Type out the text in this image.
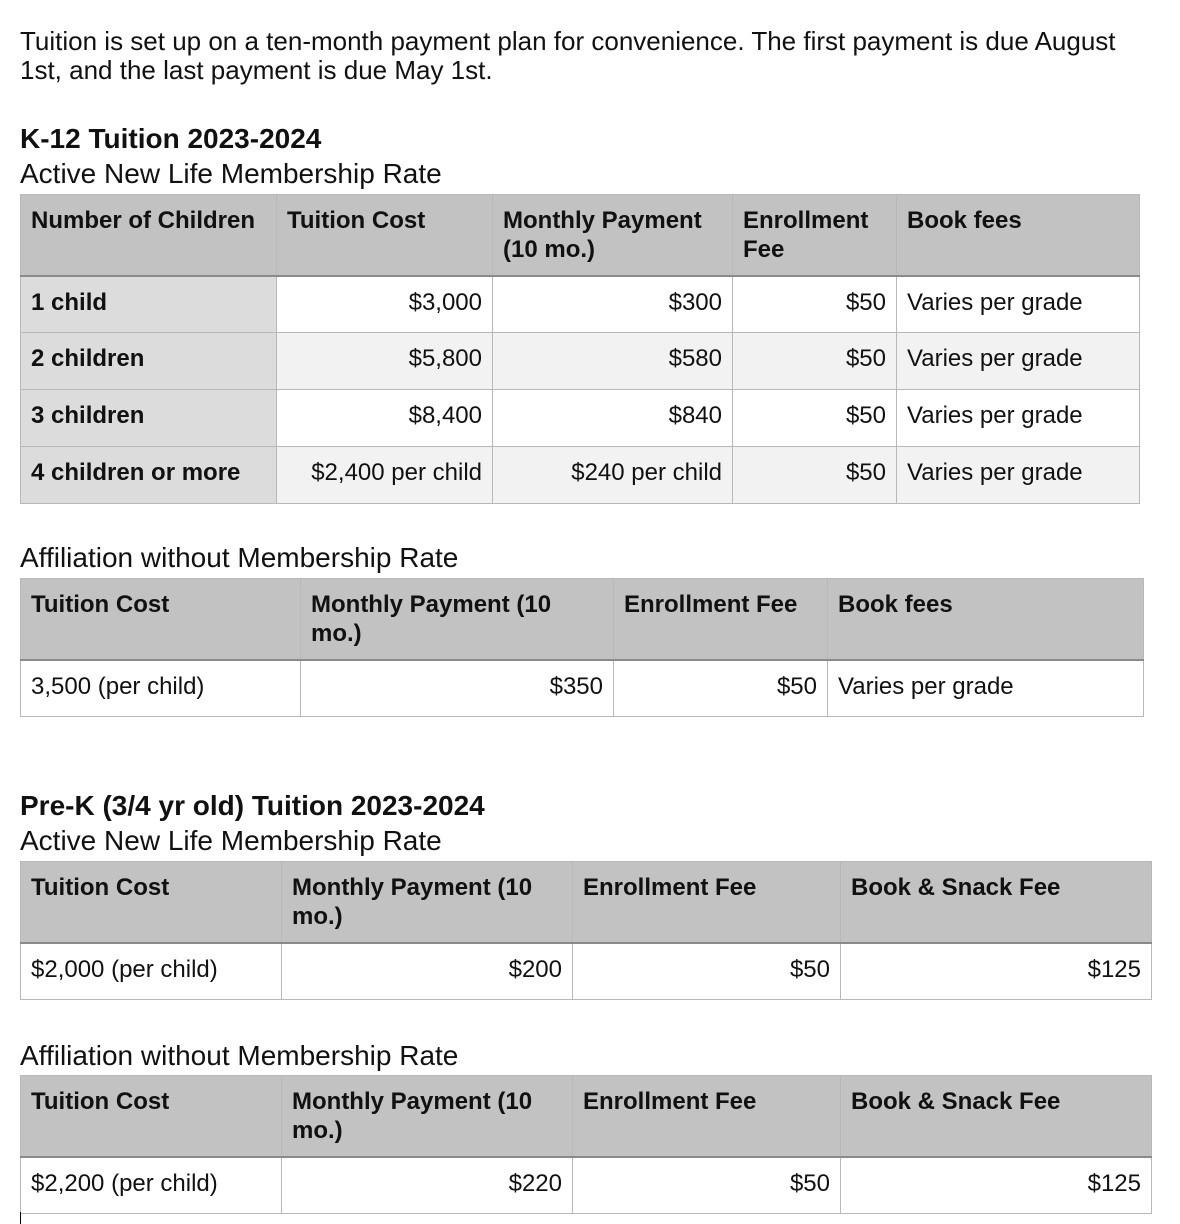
Tuition is set up on a ten-month payment plan for convenience. The first payment is due August 1st, and the last payment is due May 1st.
K-12 Tuition 2023-2024
Active New Life Membership Rate
Number of Children	Tuition Cost	Monthly Payment (10 mo.)	Enrollment Fee	Book fees
1 child	$3,000	$300	$50	Varies per grade
2 children	$5,800	$580	$50	Varies per grade
3 children	$8,400	$840	$50	Varies per grade
4 children or more	$2,400 per child	$240 per child	$50	Varies per grade
Affiliation without Membership Rate
Tuition Cost	Monthly Payment (10 mo.)	Enrollment Fee	Book fees
3,500 (per child)	$350	$50	Varies per grade
Pre-K (3/4 yr old) Tuition 2023-2024
Active New Life Membership Rate
Tuition Cost	Monthly Payment (10 mo.)	Enrollment Fee	Book & Snack Fee
$2,000 (per child)	$200	$50	$125
Affiliation without Membership Rate
Tuition Cost	Monthly Payment (10 mo.)	Enrollment Fee	Book & Snack Fee
$2,200 (per child)	$220	$50	$125
